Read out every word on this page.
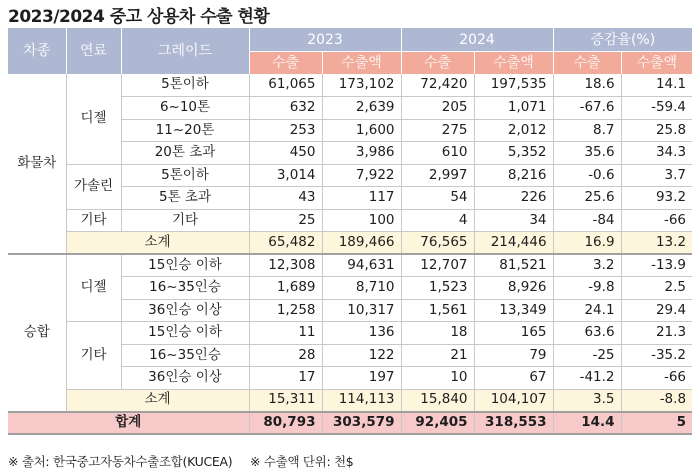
2023/2024 중고 상용차 수출 현황
차종	연료	그레이드	2023		2024		증감율(%)	
			수출	수출액	수출	수출액	수출	수출액
화물차	디젤	5톤이하	61,065	173,102	72,420	197,535	18.6	14.1
		6~10톤	632	2,639	205	1,071	-67.6	-59.4
		11~20톤	253	1,600	275	2,012	8.7	25.8
		20톤 초과	450	3,986	610	5,352	35.6	34.3
	가솔린	5톤이하	3,014	7,922	2,997	8,216	-0.6	3.7
		5톤 초과	43	117	54	226	25.6	93.2
	기타	기타	25	100	4	34	-84	-66
	소계		65,482	189,466	76,565	214,446	16.9	13.2
승합	디젤	15인승 이하	12,308	94,631	12,707	81,521	3.2	-13.9
		16~35인승	1,689	8,710	1,523	8,926	-9.8	2.5
		36인승 이상	1,258	10,317	1,561	13,349	24.1	29.4
	기타	15인승 이하	11	136	18	165	63.6	21.3
		16~35인승	28	122	21	79	-25	-35.2
		36인승 이상	17	197	10	67	-41.2	-66
	소계		15,311	114,113	15,840	104,107	3.5	-8.8
합계			80,793	303,579	92,405	318,553	14.4	5
※ 출처: 한국중고자동차수출조합(KUCEA) ※ 수출액 단위: 천$
